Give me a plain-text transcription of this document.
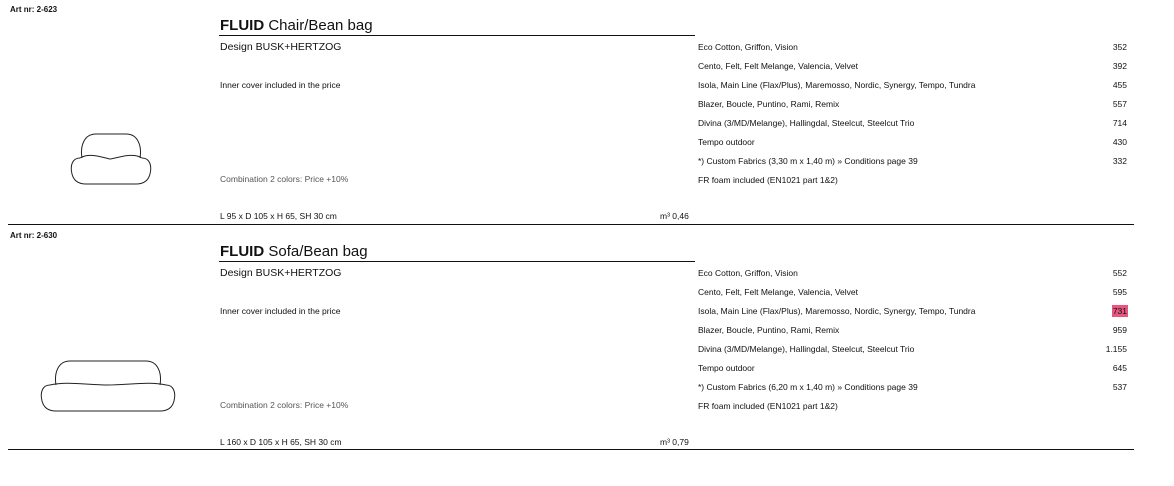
Art nr: 2-623
FLUID Chair/Bean bag
Design BUSK+HERTZOG
Inner cover included in the price
Combination 2 colors: Price +10%
L 95 x D 105 x H 65, SH 30 cm	m³ 0,46
Eco Cotton, Griffon, Vision	352
Cento, Felt, Felt Melange, Valencia, Velvet	392
Isola, Main Line (Flax/Plus), Maremosso, Nordic, Synergy, Tempo, Tundra	455
Blazer, Boucle, Puntino, Rami, Remix	557
Divina (3/MD/Melange), Hallingdal, Steelcut, Steelcut Trio	714
Tempo outdoor	430
*) Custom Fabrics (3,30 m x 1,40 m) » Conditions page 39	332
FR foam included (EN1021 part 1&2)
Art nr: 2-630
FLUID Sofa/Bean bag
Design BUSK+HERTZOG
Inner cover included in the price
Combination 2 colors: Price +10%
L 160 x D 105 x H 65, SH 30 cm	m³ 0,79
Eco Cotton, Griffon, Vision	552
Cento, Felt, Felt Melange, Valencia, Velvet	595
Isola, Main Line (Flax/Plus), Maremosso, Nordic, Synergy, Tempo, Tundra	731
Blazer, Boucle, Puntino, Rami, Remix	959
Divina (3/MD/Melange), Hallingdal, Steelcut, Steelcut Trio	1.155
Tempo outdoor	645
*) Custom Fabrics (6,20 m x 1,40 m) » Conditions page 39	537
FR foam included (EN1021 part 1&2)
